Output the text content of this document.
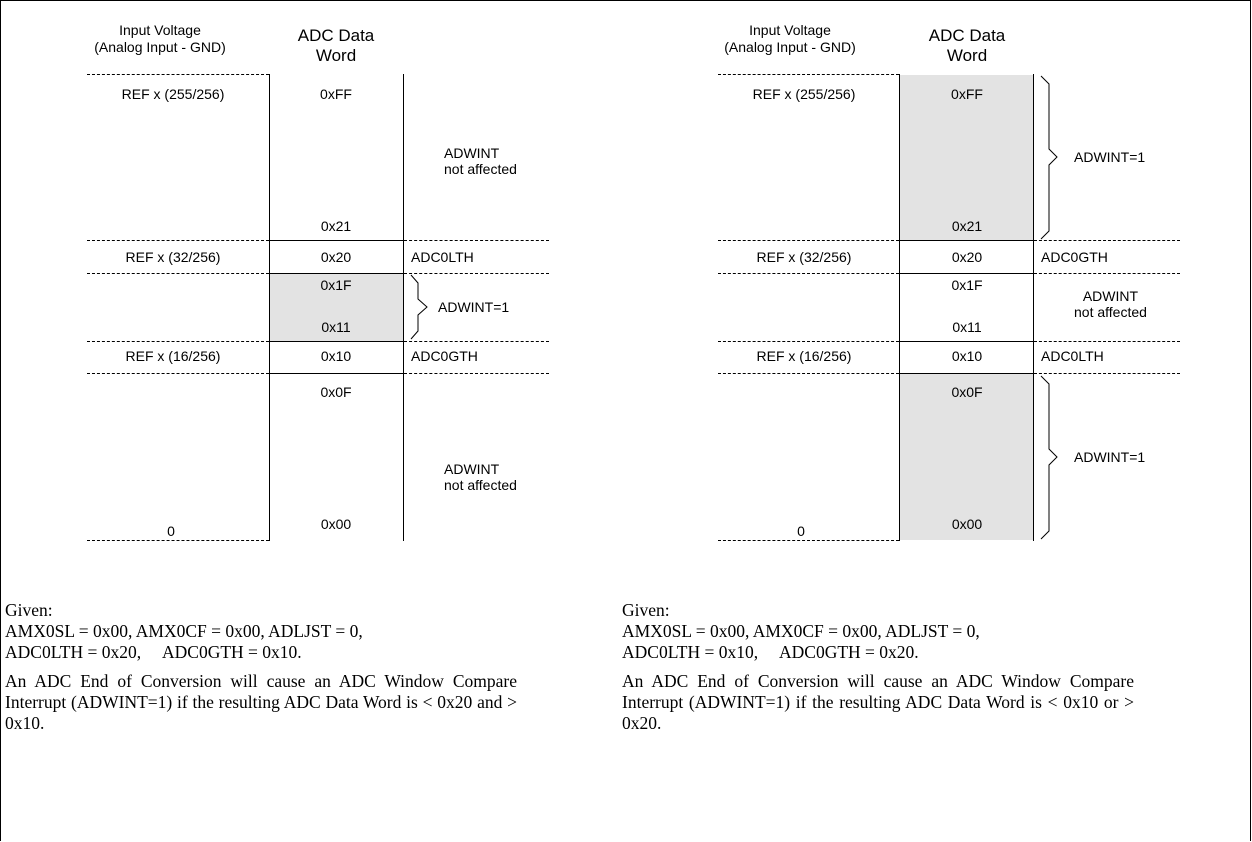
Input Voltage
(Analog Input - GND)
ADC Data
Word
REF x (255/256)
REF x (32/256)
REF x (16/256)
0
0xFF
0x21
0x20
0x1F
0x11
0x10
0x0F
0x00
ADWINT
not affected
ADC0LTH
ADWINT=1
ADC0GTH
ADWINT
not affected
Input Voltage
(Analog Input - GND)
ADC Data
Word
REF x (255/256)
REF x (32/256)
REF x (16/256)
0
0xFF
0x21
0x20
0x1F
0x11
0x10
0x0F
0x00
ADWINT=1
ADC0GTH
ADWINT
not affected
ADC0LTH
ADWINT=1

Given:

AMX0SL = 0x00, AMX0CF = 0x00, ADLJST = 0,

ADC0LTH = 0x20,     ADC0GTH = 0x10.

An ADC End of Conversion will cause an ADC Window Compare Interrupt (ADWINT=1) if the resulting ADC Data Word is < 0x20 and > 0x10.

Given:

AMX0SL = 0x00, AMX0CF = 0x00, ADLJST = 0,

ADC0LTH = 0x10,     ADC0GTH = 0x20.

An ADC End of Conversion will cause an ADC Window Compare Interrupt (ADWINT=1) if the resulting ADC Data Word is < 0x10 or > 0x20.
